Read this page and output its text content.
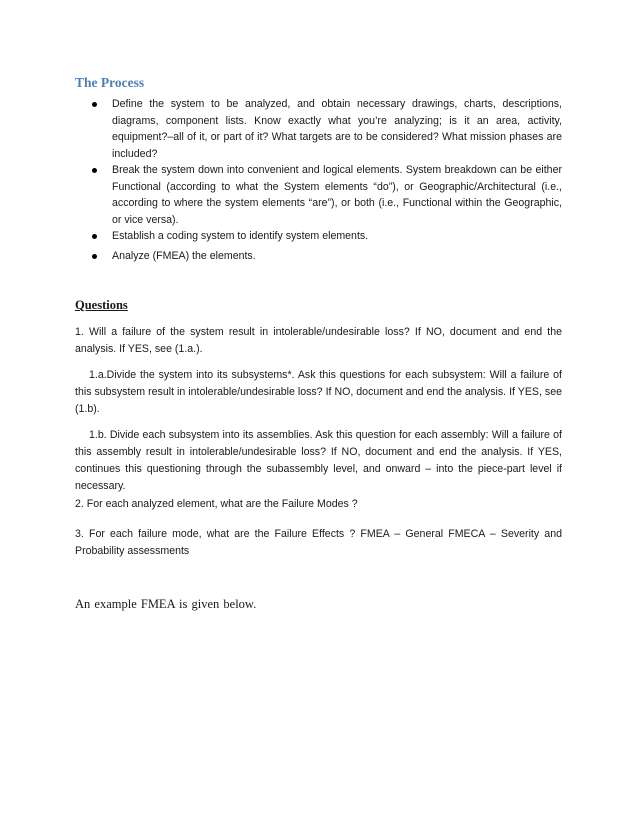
The Process
Define the system to be analyzed, and obtain necessary drawings, charts, descriptions, diagrams, component lists. Know exactly what you’re analyzing; is it an area, activity, equipment?–all of it, or part of it? What targets are to be considered? What mission phases are included?
Break the system down into convenient and logical elements. System breakdown can be either Functional (according to what the System elements “do”), or Geographic/Architectural (i.e., according to where the system elements “are”), or both (i.e., Functional within the Geographic, or vice versa).
Establish a coding system to identify system elements.
Analyze (FMEA) the elements.
Questions

1. Will a failure of the system result in intolerable/undesirable loss? If NO, document and end the analysis. If YES, see (1.a.).

1.a.Divide the system into its subsystems*. Ask this questions for each subsystem: Will a failure of this subsystem result in intolerable/undesirable loss? If NO, document and end the analysis. If YES, see (1.b).

1.b. Divide each subsystem into its assemblies. Ask this question for each assembly: Will a failure of this assembly result in intolerable/undesirable loss? If NO, document and end the analysis. If YES, continues this questioning through the subassembly level, and onward – into the piece-part level if necessary.

2. For each analyzed element, what are the Failure Modes ?

3. For each failure mode, what are the Failure Effects ? FMEA – General FMECA – Severity and Probability assessments

An example FMEA is given below.
